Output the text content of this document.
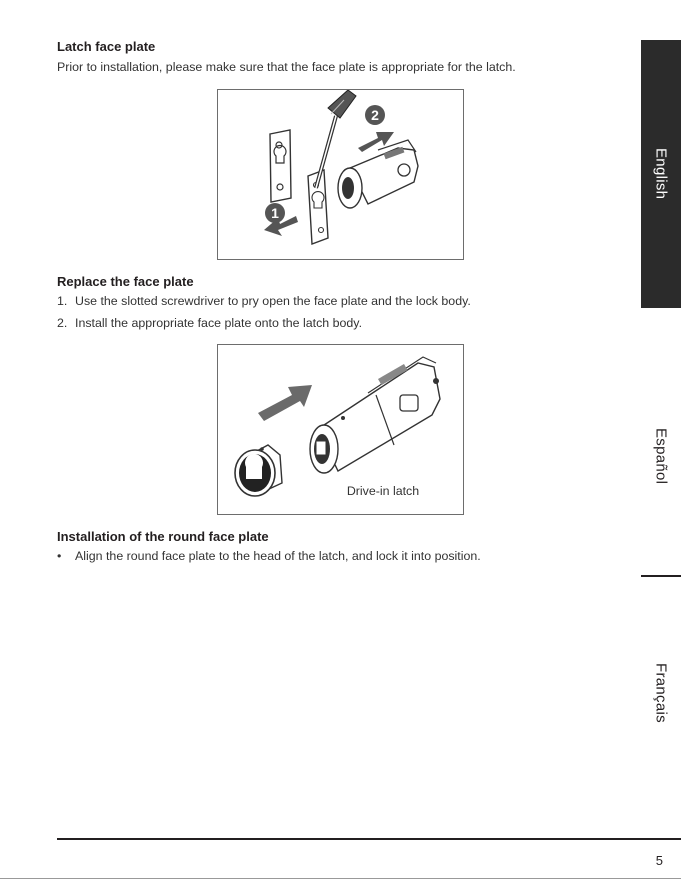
Latch face plate
Prior to installation, please make sure that the face plate is appropriate for the latch.
1
2
Replace the face plate
1. Use the slotted screwdriver to pry open the face plate and the lock body.
2. Install the appropriate face plate onto the latch body.
Drive-in latch
Installation of the round face plate
• Align the round face plate to the head of the latch, and lock it into position.
English
Español
Français
5
